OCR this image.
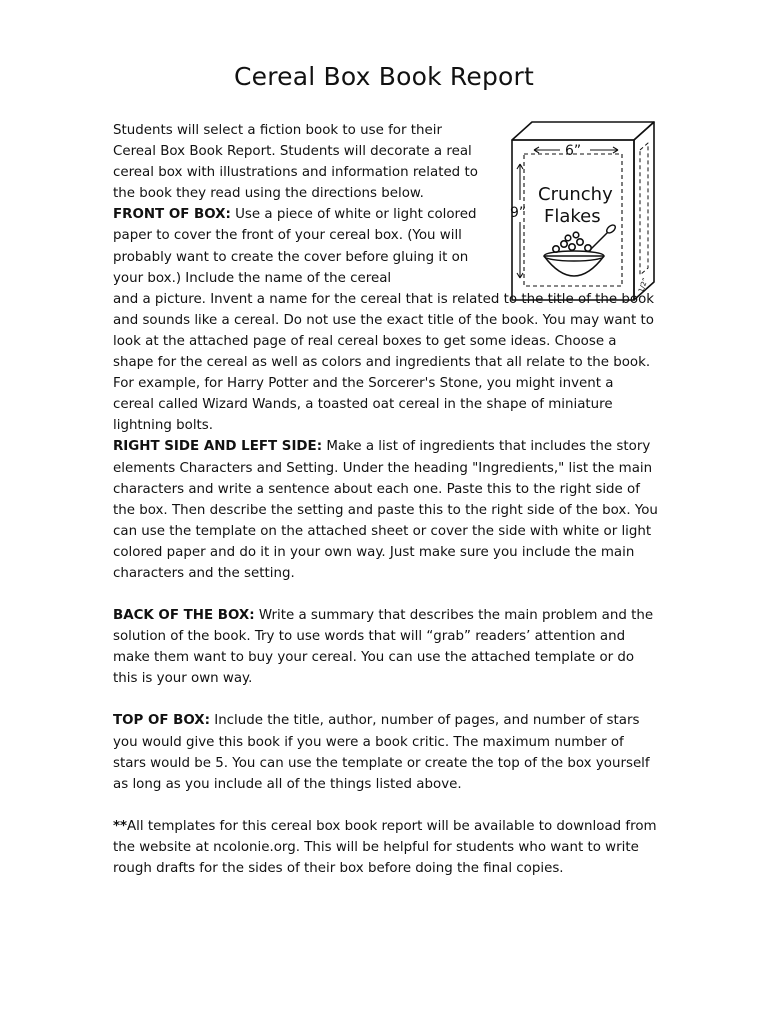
Cereal Box Book Report
6”
9”
Crunchy
Flakes
1/2”

Students will select a fiction book to use for their Cereal Box Book Report. Students will decorate a real cereal box with illustrations and information related to the book they read using the directions below.

FRONT OF BOX: Use a piece of white or light colored paper to cover the front of your cereal box. (You will probably want to create the cover before gluing it on your box.) Include the name of the cereal

and a picture. Invent a name for the cereal that is related to the title of the book and sounds like a cereal. Do not use the exact title of the book. You may want to look at the attached page of real cereal boxes to get some ideas. Choose a shape for the cereal as well as colors and ingredients that all relate to the book. For example, for Harry Potter and the Sorcerer's Stone, you might invent a cereal called Wizard Wands, a toasted oat cereal in the shape of miniature lightning bolts.

RIGHT SIDE AND LEFT SIDE: Make a list of ingredients that includes the story elements Characters and Setting. Under the heading "Ingredients," list the main characters and write a sentence about each one. Paste this to the right side of the box. Then describe the setting and paste this to the right side of the box. You can use the template on the attached sheet or cover the side with white or light colored paper and do it in your own way. Just make sure you include the main characters and the setting.

BACK OF THE BOX: Write a summary that describes the main problem and the solution of the book. Try to use words that will “grab” readers’ attention and make them want to buy your cereal. You can use the attached template or do this is your own way.

TOP OF BOX: Include the title, author, number of pages, and number of stars you would give this book if you were a book critic. The maximum number of stars would be 5. You can use the template or create the top of the box yourself as long as you include all of the things listed above.

**All templates for this cereal box book report will be available to download from the website at ncolonie.org. This will be helpful for students who want to write rough drafts for the sides of their box before doing the final copies.
